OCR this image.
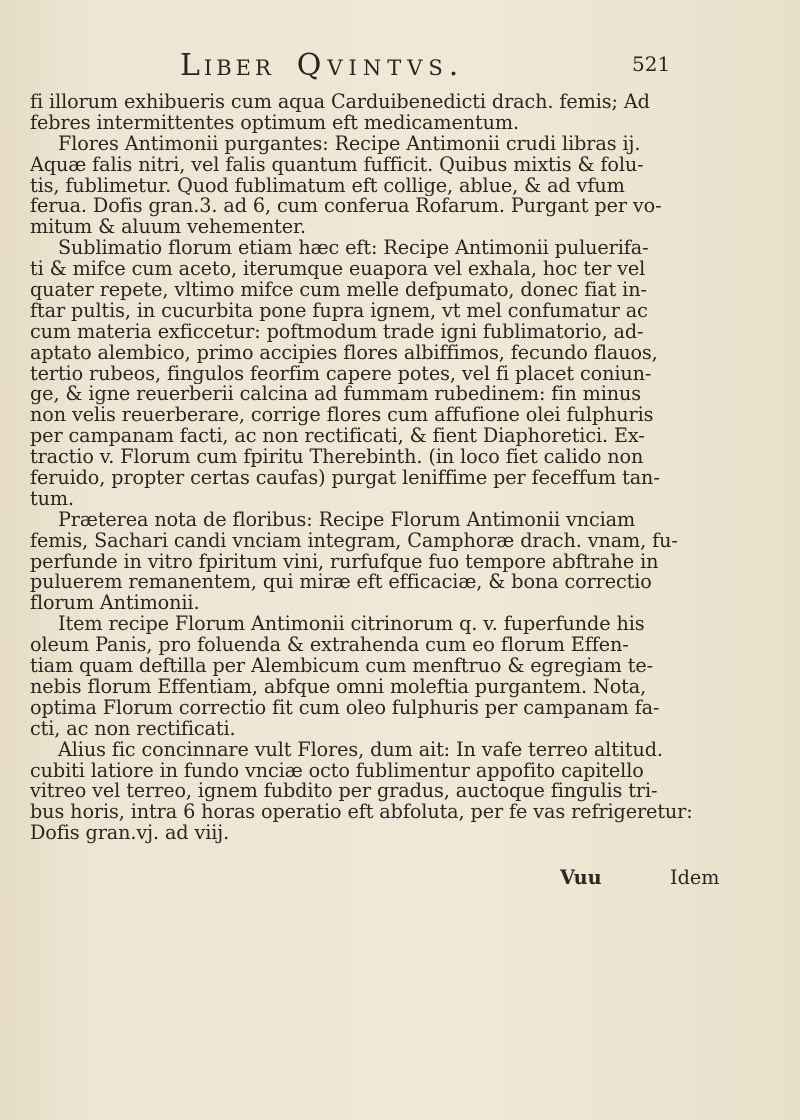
Liber Qvintvs.	521
fi illorum exhibueris cum aqua Carduibenedicti drach. femis; Ad
febres intermittentes optimum eft medicamentum.
Flores Antimonii purgantes: Recipe Antimonii crudi libras ij.
Aquæ falis nitri, vel falis quantum fufficit. Quibus mixtis & folu-
tis, fublimetur. Quod fublimatum eft collige, ablue, & ad vfum
ferua. Dofis gran.3. ad 6, cum conferua Rofarum. Purgant per vo-
mitum & aluum vehementer.
Sublimatio florum etiam hæc eft: Recipe Antimonii puluerifa-
ti & mifce cum aceto, iterumque euapora vel exhala, hoc ter vel
quater repete, vltimo mifce cum melle defpumato, donec fiat in-
ftar pultis, in cucurbita pone fupra ignem, vt mel confumatur ac
cum materia exficcetur: poftmodum trade igni fublimatorio, ad-
aptato alembico, primo accipies flores albiffimos, fecundo flauos,
tertio rubeos, fingulos feorfim capere potes, vel fi placet coniun-
ge, & igne reuerberii calcina ad fummam rubedinem: fin minus
non velis reuerberare, corrige flores cum affufione olei fulphuris
per campanam facti, ac non rectificati, & fient Diaphoretici. Ex-
tractio v. Florum cum fpiritu Therebinth. (in loco fiet calido non
feruido, propter certas caufas) purgat leniffime per feceffum tan-
tum.
Præterea nota de floribus: Recipe Florum Antimonii vnciam
femis, Sachari candi vnciam integram, Camphoræ drach. vnam, fu-
perfunde in vitro fpiritum vini, rurfufque fuo tempore abftrahe in
puluerem remanentem, qui miræ eft efficaciæ, & bona correctio
florum Antimonii.
Item recipe Florum Antimonii citrinorum q. v. fuperfunde his
oleum Panis, pro foluenda & extrahenda cum eo florum Effen-
tiam quam deftilla per Alembicum cum menftruo & egregiam te-
nebis florum Effentiam, abfque omni moleftia purgantem. Nota,
optima Florum correctio fit cum oleo fulphuris per campanam fa-
cti, ac non rectificati.
Alius fic concinnare vult Flores, dum ait: In vafe terreo altitud.
cubiti latiore in fundo vnciæ octo fublimentur appofito capitello
vitreo vel terreo, ignem fubdito per gradus, auctoque fingulis tri-
bus horis, intra 6 horas operatio eft abfoluta, per fe vas refrigeretur:
Dofis gran.vj. ad viij.
Vuu	Idem
